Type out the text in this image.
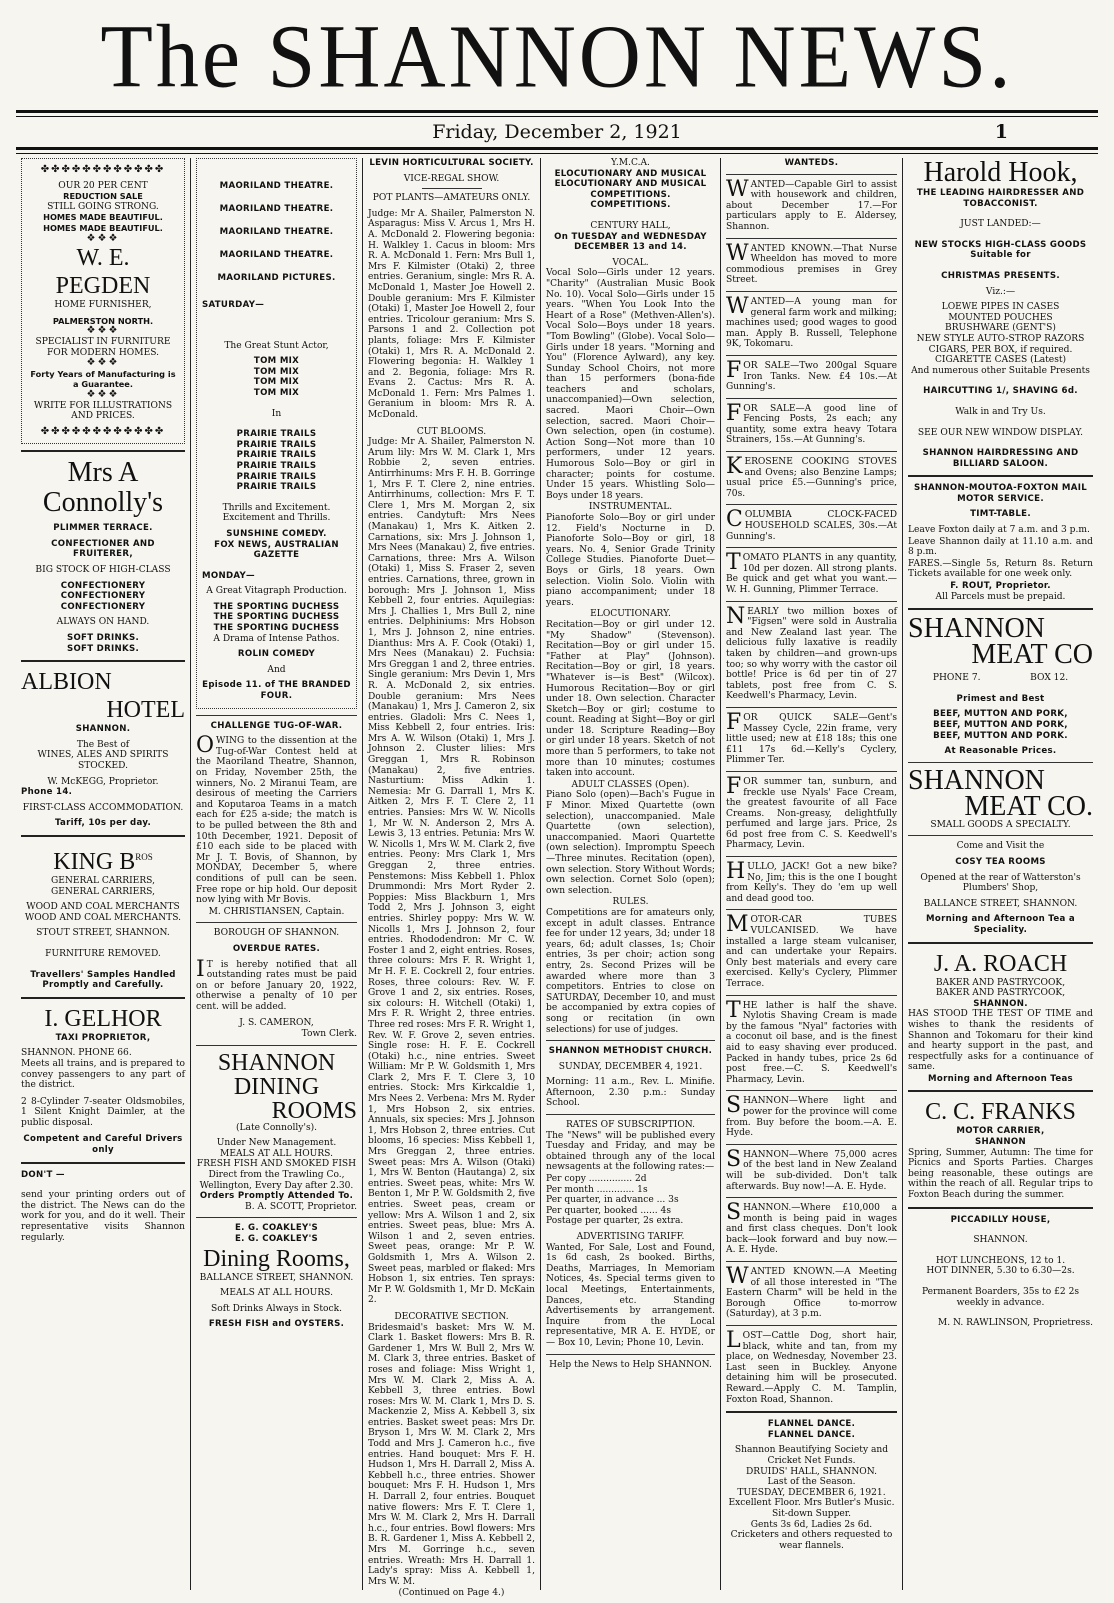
The SHANNON NEWS.
Friday, December 2, 1921	1
✤✤✤✤✤✤✤✤✤✤✤✤
OUR 20 PER CENT
REDUCTION SALE
STILL GOING STRONG.
HOMES MADE BEAUTIFUL.
HOMES MADE BEAUTIFUL.
❖❖❖
W. E. PEGDEN
HOME FURNISHER,
PALMERSTON NORTH.
❖❖❖
SPECIALIST IN FURNITURE FOR MODERN HOMES.
❖❖❖
Forty Years of Manufacturing is a Guarantee.
❖❖❖
WRITE FOR ILLUSTRATIONS AND PRICES.
✤✤✤✤✤✤✤✤✤✤✤✤
Mrs A Connolly's
PLIMMER TERRACE.
CONFECTIONER AND FRUITERER,
BIG STOCK OF HIGH-CLASS
CONFECTIONERY
CONFECTIONERY
CONFECTIONERY
ALWAYS ON HAND.
SOFT DRINKS.
SOFT DRINKS.
ALBION
HOTEL
SHANNON.
The Best of
WINES, ALES AND SPIRITS STOCKED.
W. McKEGG, Proprietor.
Phone 14.
FIRST-CLASS ACCOMMODATION.
Tariff, 10s per day.
KING $B^{ROS}$
GENERAL CARRIERS,
GENERAL CARRIERS,
WOOD AND COAL MERCHANTS
WOOD AND COAL MERCHANTS.
STOUT STREET, SHANNON.
FURNITURE REMOVED.
Travellers' Samples Handled Promptly and Carefully.
I. GELHOR
TAXI PROPRIETOR,
SHANNON. PHONE 66.

Meets all trains, and is prepared to convey passengers to any part of the district.

2 8-Cylinder 7-seater Oldsmobiles, 1 Silent Knight Daimler, at the public disposal.

Competent and Careful Drivers only
DON'T —

send your printing orders out of the district. The News can do the work for you, and do it well. Their representative visits Shannon regularly.

MAORILAND THEATRE.
MAORILAND THEATRE.
MAORILAND THEATRE.
MAORILAND THEATRE.
MAORILAND PICTURES.
SATURDAY—
The Great Stunt Actor,
TOM MIX
TOM MIX
TOM MIX
TOM MIX
In
PRAIRIE TRAILS
PRAIRIE TRAILS
PRAIRIE TRAILS
PRAIRIE TRAILS
PRAIRIE TRAILS
PRAIRIE TRAILS
Thrills and Excitement. Excitement and Thrills.
SUNSHINE COMEDY.
FOX NEWS, AUSTRALIAN GAZETTE
MONDAY—
A Great Vitagraph Production.
THE SPORTING DUCHESS
THE SPORTING DUCHESS
THE SPORTING DUCHESS
A Drama of Intense Pathos.
ROLIN COMEDY
And
Episode 11. of THE BRANDED FOUR.
CHALLENGE TUG-OF-WAR.

OWING to the dissention at the Tug-of-War Contest held at the Maoriland Theatre, Shannon, on Friday, November 25th, the winners, No. 2 Miranui Team, are desirous of meeting the Carriers and Koputaroa Teams in a match each for £25 a-side; the match is to be pulled between the 8th and 10th December, 1921. Deposit of £10 each side to be placed with Mr J. T. Bovis, of Shannon, by MONDAY, December 5, where conditions of pull can be seen. Free rope or hip hold. Our deposit now lying with Mr Bovis.

M. CHRISTIANSEN, Captain.
BOROUGH OF SHANNON.
OVERDUE RATES.

IT is hereby notified that all outstanding rates must be paid on or before January 20, 1922, otherwise a penalty of 10 per cent. will be added.

J. S. CAMERON,
Town Clerk.
SHANNON
DINING
ROOMS
(Late Connolly's).
Under New Management.
MEALS AT ALL HOURS.
FRESH FISH AND SMOKED FISH
Direct from the Trawling Co., Wellington, Every Day after 2.30.
Orders Promptly Attended To.
B. A. SCOTT, Proprietor.
E. G. COAKLEY'S
E. G. COAKLEY'S
Dining Rooms,
BALLANCE STREET, SHANNON.
MEALS AT ALL HOURS.
Soft Drinks Always in Stock.
FRESH FISH and OYSTERS.
LEVIN HORTICULTURAL SOCIETY.
VICE-REGAL SHOW.
POT PLANTS—AMATEURS ONLY.

Judge: Mr A. Shailer, Palmerston N. Asparagus: Miss V. Arcus 1, Mrs H. A. McDonald 2. Flowering begonia: H. Walkley 1. Cacus in bloom: Mrs R. A. McDonald 1. Fern: Mrs Bull 1, Mrs F. Kilmister (Otaki) 2, three entries. Geranium, single: Mrs R. A. McDonald 1, Master Joe Howell 2. Double geranium: Mrs F. Kilmister (Otaki) 1, Master Joe Howell 2, four entries. Tricolour geranium: Mrs S. Parsons 1 and 2. Collection pot plants, foliage: Mrs F. Kilmister (Otaki) 1, Mrs R. A. McDonald 2. Flowering begonia: H. Walkley 1 and 2. Begonia, foliage: Mrs R. Evans 2. Cactus: Mrs R. A. McDonald 1. Fern: Mrs Palmes 1. Geranium in bloom: Mrs R. A. McDonald.

CUT BLOOMS.

Judge: Mr A. Shailer, Palmerston N. Arum lily: Mrs W. M. Clark 1, Mrs Robbie 2, seven entries. Antirrhinums: Mrs F. H. B. Gorringe 1, Mrs F. T. Clere 2, nine entries. Antirrhinums, collection: Mrs F. T. Clere 1, Mrs M. Morgan 2, six entries. Candytuft: Mrs Nees (Manakau) 1, Mrs K. Aitken 2. Carnations, six: Mrs J. Johnson 1, Mrs Nees (Manakau) 2, five entries. Carnations, three: Mrs A. Wilson (Otaki) 1, Miss S. Fraser 2, seven entries. Carnations, three, grown in borough: Mrs J. Johnson 1, Miss Kebbell 2, four entries. Aquilegias: Mrs J. Challies 1, Mrs Bull 2, nine entries. Delphiniums: Mrs Hobson 1, Mrs J. Johnson 2, nine entries. Dianthus: Mrs A. F. Cook (Otaki) 1, Mrs Nees (Manakau) 2. Fuchsia: Mrs Greggan 1 and 2, three entries. Single geranium: Mrs Devin 1, Mrs R. A. McDonald 2, six entries. Double geranium: Mrs Nees (Manakau) 1, Mrs J. Cameron 2, six entries. Gladoli: Mrs C. Nees 1, Miss Kebbell 2, four entries. Iris: Mrs A. W. Wilson (Otaki) 1, Mrs J. Johnson 2. Cluster lilies: Mrs Greggan 1, Mrs R. Robinson (Manakau) 2, five entries. Nasturtium: Miss Adkin 1. Nemesia: Mr G. Darrall 1, Mrs K. Aitken 2, Mrs F. T. Clere 2, 11 entries. Pansies: Mrs W. W. Nicolls 1, Mr W. N. Anderson 2, Mrs A. Lewis 3, 13 entries. Petunia: Mrs W. W. Nicolls 1, Mrs W. M. Clark 2, five entries. Peony: Mrs Clark 1, Mrs Greggan 2, three entries. Penstemons: Miss Kebbell 1. Phlox Drummondi: Mrs Mort Ryder 2. Poppies: Miss Blackburn 1, Mrs Todd 2, Mrs J. Johnson 3, eight entries. Shirley poppy: Mrs W. W. Nicolls 1, Mrs J. Johnson 2, four entries. Rhododendron: Mr C. W. Foster 1 and 2, eight entries. Roses, three colours: Mrs F. R. Wright 1, Mr H. F. E. Cockrell 2, four entries. Roses, three colours: Rev. W. F. Grove 1 and 2, six entries. Roses, six colours: H. Witchell (Otaki) 1, Mrs F. R. Wright 2, three entries. Three red roses: Mrs F. R. Wright 1, Rev. W. F. Grove 2, seven entries. Single rose: H. F. E. Cockrell (Otaki) h.c., nine entries. Sweet William: Mr P. W. Goldsmith 1, Mrs Clark 2, Mrs F. T. Clere 3, 10 entries. Stock: Mrs Kirkcaldie 1, Mrs Nees 2. Verbena: Mrs M. Ryder 1, Mrs Hobson 2, six entries. Annuals, six species: Mrs J. Johnson 1, Mrs Hobson 2, three entries. Cut blooms, 16 species: Miss Kebbell 1, Mrs Greggan 2, three entries. Sweet peas: Mrs A. Wilson (Otaki) 1, Mrs W. Benton (Hautanga) 2, six entries. Sweet peas, white: Mrs W. Benton 1, Mr P. W. Goldsmith 2, five entries. Sweet peas, cream or yellow: Mrs A. Wilson 1 and 2, six entries. Sweet peas, blue: Mrs A. Wilson 1 and 2, seven entries. Sweet peas, orange: Mr P. W. Goldsmith 1, Mrs A. Wilson 2. Sweet peas, marbled or flaked: Mrs Hobson 1, six entries. Ten sprays: Mr P. W. Goldsmith 1, Mr D. McKain 2.

DECORATIVE SECTION.

Bridesmaid's basket: Mrs W. M. Clark 1. Basket flowers: Mrs B. R. Gardener 1, Mrs W. Bull 2, Mrs W. M. Clark 3, three entries. Basket of roses and foliage: Miss Wright 1, Mrs W. M. Clark 2, Miss A. A. Kebbell 3, three entries. Bowl roses: Mrs W. M. Clark 1, Mrs D. S. Mackenzie 2, Miss A. Kebbell 3, six entries. Basket sweet peas: Mrs Dr. Bryson 1, Mrs W. M. Clark 2, Mrs Todd and Mrs J. Cameron h.c., five entries. Hand bouquet: Mrs F. H. Hudson 1, Mrs H. Darrall 2, Miss A. Kebbell h.c., three entries. Shower bouquet: Mrs F. H. Hudson 1, Mrs H. Darrall 2, four entries. Bouquet native flowers: Mrs F. T. Clere 1, Mrs W. M. Clark 2, Mrs H. Darrall h.c., four entries. Bowl flowers: Mrs B. R. Gardener 1, Miss A. Kebbell 2, Mrs M. Gorringe h.c., seven entries. Wreath: Mrs H. Darrall 1. Lady's spray: Miss A. Kebbell 1, Mrs W. M.

(Continued on Page 4.)
Y.M.C.A.
ELOCUTIONARY AND MUSICAL
ELOCUTIONARY AND MUSICAL
COMPETITIONS.
COMPETITIONS.
CENTURY HALL,
On TUESDAY and WEDNESDAY DECEMBER 13 and 14.
VOCAL.

Vocal Solo—Girls under 12 years. "Charity" (Australian Music Book No. 10). Vocal Solo—Girls under 15 years. "When You Look Into the Heart of a Rose" (Methven-Allen's). Vocal Solo—Boys under 18 years. "Tom Bowling" (Globe). Vocal Solo—Girls under 18 years. "Morning and You" (Florence Aylward), any key. Sunday School Choirs, not more than 15 performers (bona-fide teachers and scholars, unaccompanied)—Own selection, sacred. Maori Choir—Own selection, sacred. Maori Choir—Own selection, open (in costume). Action Song—Not more than 10 performers, under 12 years. Humorous Solo—Boy or girl in character; points for costume. Under 15 years. Whistling Solo—Boys under 18 years.

INSTRUMENTAL.

Pianoforte Solo—Boy or girl under 12. Field's Nocturne in D. Pianoforte Solo—Boy or girl, 18 years. No. 4, Senior Grade Trinity College Studies. Pianoforte Duet—Boys or Girls, 18 years. Own selection. Violin Solo. Violin with piano accompaniment; under 18 years.

ELOCUTIONARY.

Recitation—Boy or girl under 12. "My Shadow" (Stevenson). Recitation—Boy or girl under 15. "Father at Play" (Johnson). Recitation—Boy or girl, 18 years. "Whatever is—is Best" (Wilcox). Humorous Recitation—Boy or girl under 18. Own selection. Character Sketch—Boy or girl; costume to count. Reading at Sight—Boy or girl under 18. Scripture Reading—Boy or girl under 18 years. Sketch of not more than 5 performers, to take not more than 10 minutes; costumes taken into account.

ADULT CLASSES (Open).

Piano Solo (open)—Bach's Fugue in F Minor. Mixed Quartette (own selection), unaccompanied. Male Quartette (own selection), unaccompanied. Maori Quartette (own selection). Impromptu Speech—Three minutes. Recitation (open), own selection. Story Without Words; own selection. Cornet Solo (open); own selection.

RULES.

Competitions are for amateurs only, except in adult classes. Entrance fee for under 12 years, 3d; under 18 years, 6d; adult classes, 1s; Choir entries, 3s per choir; action song entry, 2s. Second Prizes will be awarded where more than 3 competitors. Entries to close on SATURDAY, December 10, and must be accompanied by extra copies of song or recitation (in own selections) for use of judges.

SHANNON METHODIST CHURCH.
SUNDAY, DECEMBER 4, 1921.

Morning: 11 a.m., Rev. L. Minifie. Afternoon, 2.30 p.m.: Sunday School.

RATES OF SUBSCRIPTION.

The "News" will be published every Tuesday and Friday, and may be obtained through any of the local newsagents at the following rates:—

Per copy ............... 2d
Per month ............. 1s
Per quarter, in advance ... 3s
Per quarter, booked ...... 4s
Postage per quarter, 2s extra.
ADVERTISING TARIFF.

Wanted, For Sale, Lost and Found, 1s 6d cash, 2s booked. Births, Deaths, Marriages, In Memoriam Notices, 4s. Special terms given to local Meetings, Entertainments, Dances, etc. Standing Advertisements by arrangement. Inquire from the Local representative, MR A. E. HYDE, or— Box 10, Levin; Phone 10, Levin.

Help the News to Help SHANNON.
WANTEDS.

WANTED—Capable Girl to assist with housework and children, about December 17.—For particulars apply to E. Aldersey, Shannon.

WANTED KNOWN.—That Nurse Wheeldon has moved to more commodious premises in Grey Street.

WANTED—A young man for general farm work and milking; machines used; good wages to good man. Apply B. Russell, Telephone 9K, Tokomaru.

FOR SALE—Two 200gal Square Iron Tanks. New. £4 10s.—At Gunning's.

FOR SALE—A good line of Fencing Posts, 2s each; any quantity, some extra heavy Totara Strainers, 15s.—At Gunning's.

KEROSENE COOKING STOVES and Ovens; also Benzine Lamps; usual price £5.—Gunning's price, 70s.

COLUMBIA CLOCK-FACED HOUSEHOLD SCALES, 30s.—At Gunning's.

TOMATO PLANTS in any quantity, 10d per dozen. All strong plants. Be quick and get what you want.—W. H. Gunning, Plimmer Terrace.

NEARLY two million boxes of "Figsen" were sold in Australia and New Zealand last year. The delicious fully laxative is readily taken by children—and grown-ups too; so why worry with the castor oil bottle! Price is 6d per tin of 27 tablets, post free from C. S. Keedwell's Pharmacy, Levin.

FOR QUICK SALE—Gent's Massey Cycle, 22in frame, very little used; new at £18 18s; this one £11 17s 6d.—Kelly's Cyclery, Plimmer Ter.

FOR summer tan, sunburn, and freckle use Nyals' Face Cream, the greatest favourite of all Face Creams. Non-greasy, delightfully perfumed and large jars. Price, 2s 6d post free from C. S. Keedwell's Pharmacy, Levin.

HULLO, JACK! Got a new bike? No, Jim; this is the one I bought from Kelly's. They do 'em up well and dead good too.

MOTOR-CAR TUBES VULCANISED. We have installed a large steam vulcaniser, and can undertake your Repairs. Only best materials and every care exercised. Kelly's Cyclery, Plimmer Terrace.

THE lather is half the shave. Nylotis Shaving Cream is made by the famous "Nyal" factories with a coconut oil base, and is the finest aid to easy shaving ever produced. Packed in handy tubes, price 2s 6d post free.—C. S. Keedwell's Pharmacy, Levin.

SHANNON—Where light and power for the province will come from. Buy before the boom.—A. E. Hyde.

SHANNON—Where 75,000 acres of the best land in New Zealand will be sub-divided. Don't talk afterwards. Buy now!—A. E. Hyde.

SHANNON.—Where £10,000 a month is being paid in wages and first class cheques. Don't look back—look forward and buy now.—A. E. Hyde.

WANTED KNOWN.—A Meeting of all those interested in "The Eastern Charm" will be held in the Borough Office to-morrow (Saturday), at 3 p.m.

LOST—Cattle Dog, short hair, black, white and tan, from my place, on Wednesday, November 23. Last seen in Buckley. Anyone detaining him will be prosecuted. Reward.—Apply C. M. Tamplin, Foxton Road, Shannon.

FLANNEL DANCE.
FLANNEL DANCE.
Shannon Beautifying Society and Cricket Net Funds.
DRUIDS' HALL, SHANNON.
Last of the Season.
TUESDAY, DECEMBER 6, 1921.
Excellent Floor. Mrs Butler's Music. Sit-down Supper.
Gents 3s 6d, Ladies 2s 6d.
Cricketers and others requested to wear flannels.
Harold Hook,
THE LEADING HAIRDRESSER AND TOBACCONIST.
JUST LANDED:—
NEW STOCKS HIGH-CLASS GOODS
Suitable for
CHRISTMAS PRESENTS.
Viz.:—
LOEWE PIPES IN CASES
MOUNTED POUCHES
BRUSHWARE (GENT'S)
NEW STYLE AUTO-STROP RAZORS
CIGARS, PER BOX, if required.
CIGARETTE CASES (Latest)
And numerous other Suitable Presents
HAIRCUTTING 1/, SHAVING 6d.
Walk in and Try Us.
SEE OUR NEW WINDOW DISPLAY.
SHANNON HAIRDRESSING AND BILLIARD SALOON.
SHANNON-MOUTOA-FOXTON MAIL MOTOR SERVICE.
TIMT-TABLE.

Leave Foxton daily at 7 a.m. and 3 p.m.

Leave Shannon daily at 11.10 a.m. and 8 p.m.

FARES.—Single 5s, Return 8s. Return Tickets available for one week only.

F. ROUT, Proprietor.
All Parcels must be prepaid.
SHANNON
MEAT CO
PHONE 7.	BOX 12.
Primest and Best
BEEF, MUTTON AND PORK,
BEEF, MUTTON AND PORK,
BEEF, MUTTON AND PORK.
At Reasonable Prices.
SHANNON
MEAT CO.
SMALL GOODS A SPECIALTY.
Come and Visit the
COSY TEA ROOMS
Opened at the rear of Watterston's Plumbers' Shop,
BALLANCE STREET, SHANNON.
Morning and Afternoon Tea a Speciality.
J. A. ROACH
BAKER AND PASTRYCOOK,
BAKER AND PASTRYCOOK,
SHANNON.

HAS STOOD THE TEST OF TIME and wishes to thank the residents of Shannon and Tokomaru for their kind and hearty support in the past, and respectfully asks for a continuance of same.

Morning and Afternoon Teas
C. C. FRANKS
MOTOR CARRIER,
SHANNON

Spring, Summer, Autumn: The time for Picnics and Sports Parties. Charges being reasonable, these outings are within the reach of all. Regular trips to Foxton Beach during the summer.

PICCADILLY HOUSE,
SHANNON.
HOT LUNCHEONS, 12 to 1.
HOT DINNER, 5.30 to 6.30—2s.
Permanent Boarders, 35s to £2 2s weekly in advance.
M. N. RAWLINSON, Proprietress.
